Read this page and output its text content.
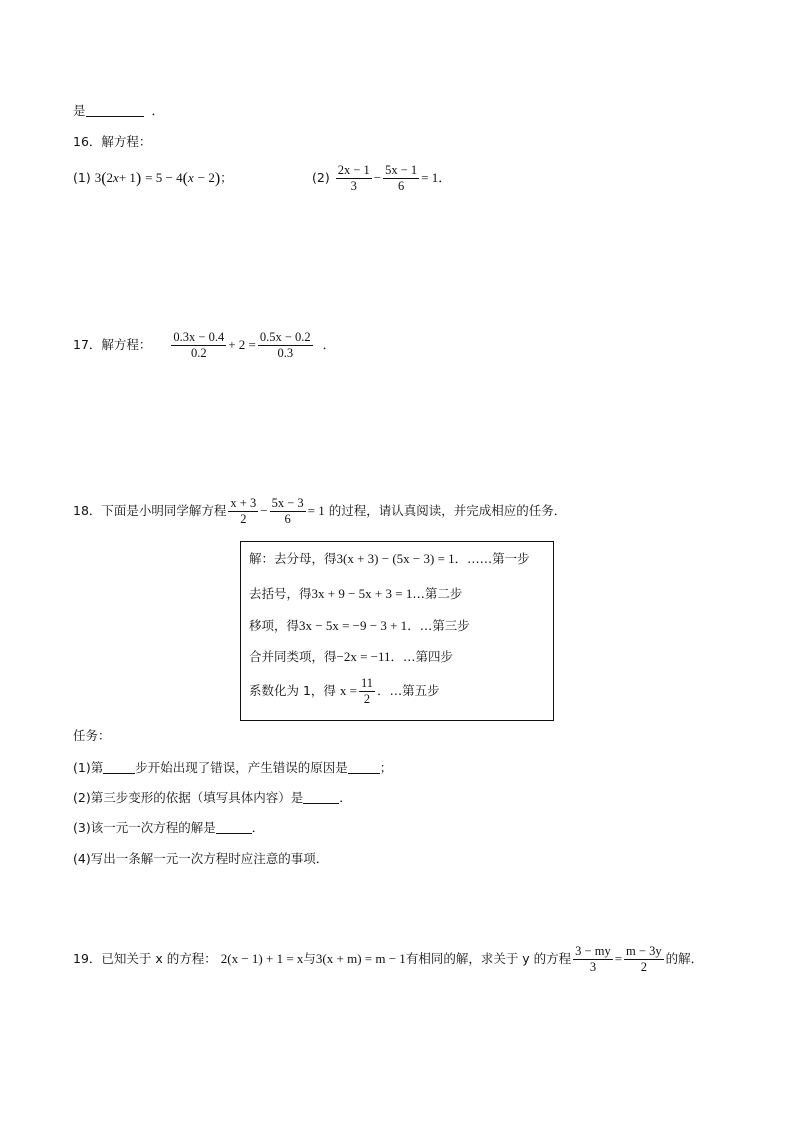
是	．
16．解方程：
(1) 3(2x+ 1) = 5 − 4(x − 2)；	$(2) \frac{2x - 1}{3} - \frac{5x - 1}{6} = 1$．
17．解方程： $\frac{0.3x - 0.4}{0.2} + 2 = \frac{0.5x - 0.2}{0.3}$ ．
18．下面是小明同学解方程 $\frac{x + 3}{2} - \frac{5x - 3}{6} = 1$ 的过程，请认真阅读，并完成相应的任务．
解：去分母，得3(x + 3) − (5x − 3) = 1．……第一步
去括号，得3x + 9 − 5x + 3 = 1…第二步
移项，得3x − 5x = −9 − 3 + 1．…第三步
合并同类项，得−2x = −11．…第四步
系数化为 1，得 $x = \frac{11}{2}$ ．…第五步
任务：
(1)第	步开始出现了错误，产生错误的原因是	；
(2)第三步变形的依据（填写具体内容）是	．
(3)该一元一次方程的解是	．
(4)写出一条解一元一次方程时应注意的事项．
19．已知关于 x 的方程： 2(x − 1) + 1 = x与3(x + m) = m − 1有相同的解，求关于 y 的方程 $\frac{3 - my}{3} = \frac{m - 3y}{2}$ 的解．
